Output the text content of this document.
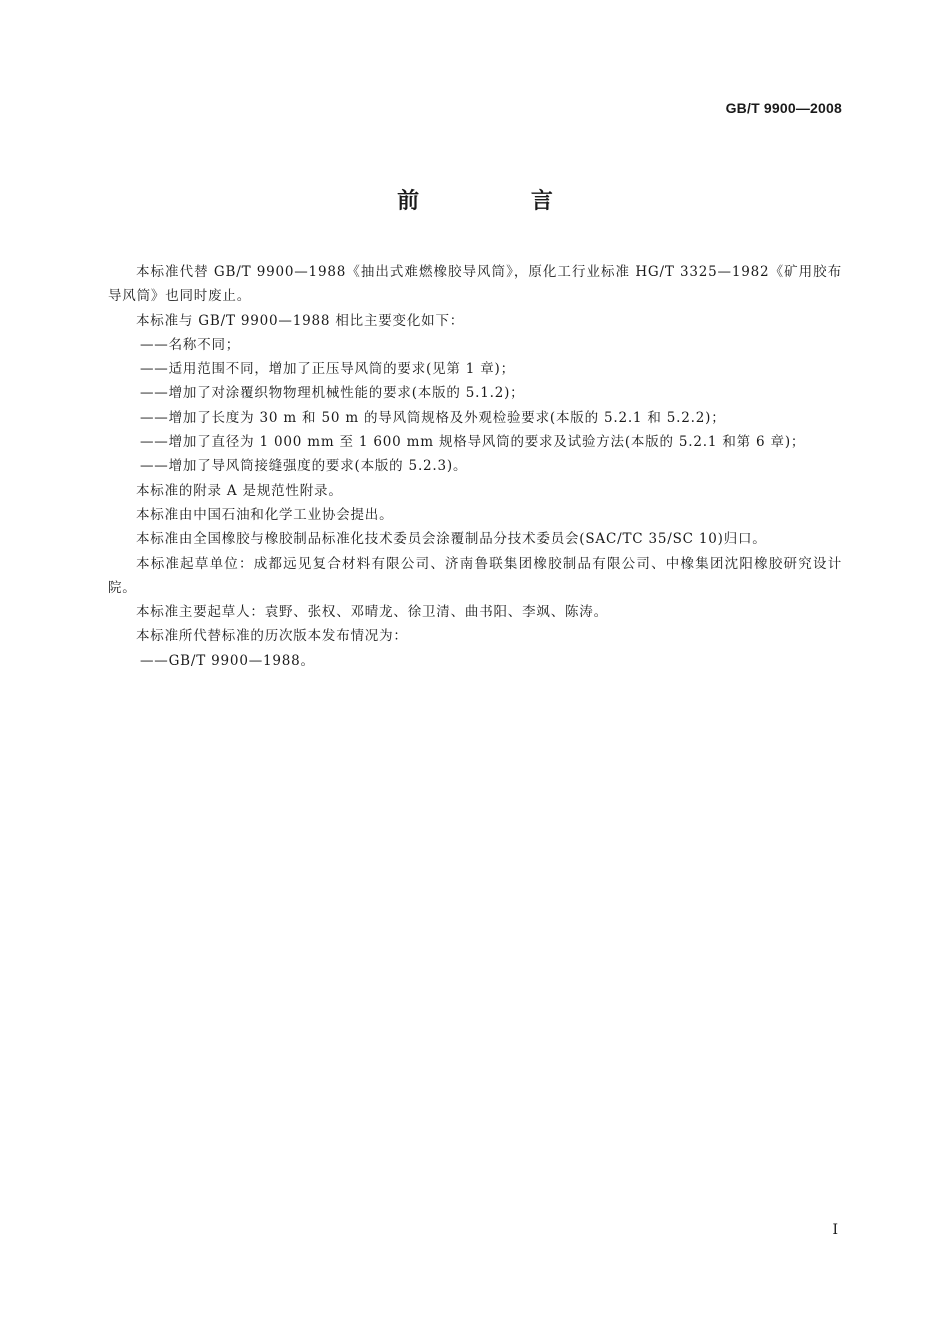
GB/T 9900—2008
前 言

本标准代替 GB/T 9900—1988《抽出式难燃橡胶导风筒》，原化工行业标准 HG/T 3325—1982《矿用胶布导风筒》也同时废止。

本标准与 GB/T 9900—1988 相比主要变化如下：

——名称不同；

——适用范围不同，增加了正压导风筒的要求(见第 1 章)；

——增加了对涂覆织物物理机械性能的要求(本版的 5.1.2)；

——增加了长度为 30 m 和 50 m 的导风筒规格及外观检验要求(本版的 5.2.1 和 5.2.2)；

——增加了直径为 1 000 mm 至 1 600 mm 规格导风筒的要求及试验方法(本版的 5.2.1 和第 6 章)；

——增加了导风筒接缝强度的要求(本版的 5.2.3)。

本标准的附录 A 是规范性附录。

本标准由中国石油和化学工业协会提出。

本标准由全国橡胶与橡胶制品标准化技术委员会涂覆制品分技术委员会(SAC/TC 35/SC 10)归口。

本标准起草单位：成都远见复合材料有限公司、济南鲁联集团橡胶制品有限公司、中橡集团沈阳橡胶研究设计院。

本标准主要起草人：袁野、张权、邓晴龙、徐卫清、曲书阳、李飒、陈涛。

本标准所代替标准的历次版本发布情况为：

——GB/T 9900—1988。

I
